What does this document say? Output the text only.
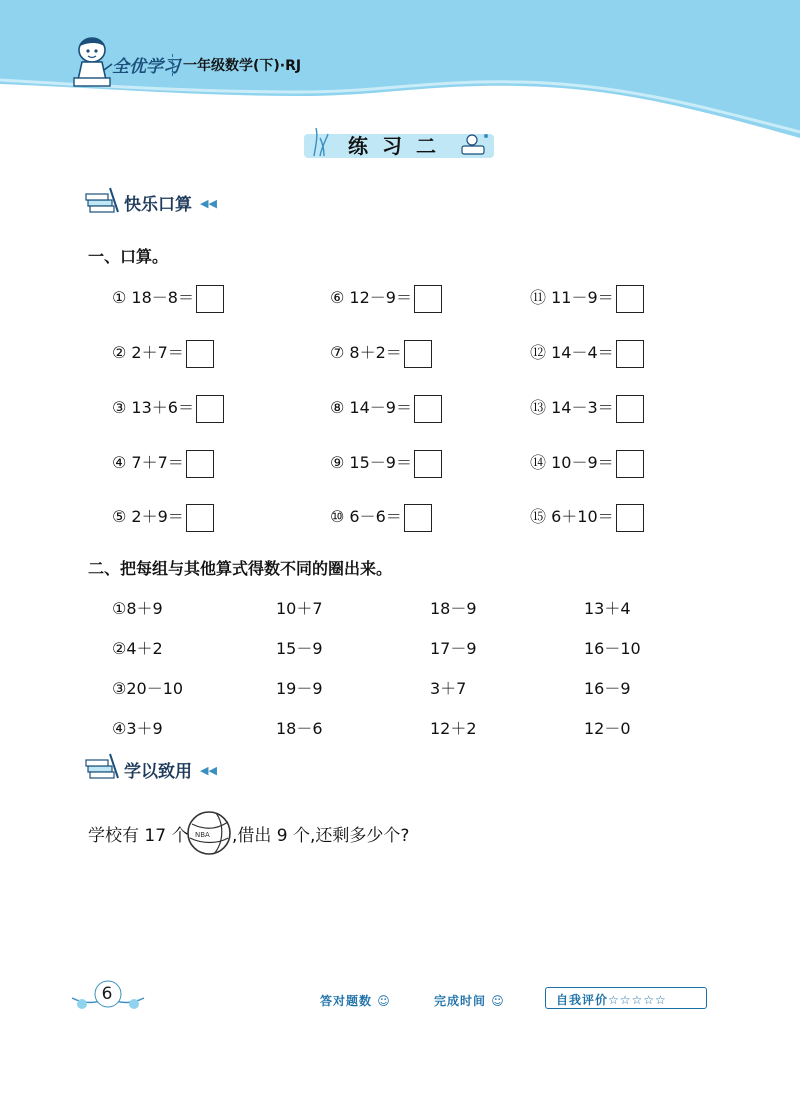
全优学习 一年级数学(下)·RJ
练习二
快乐口算 ◀◀
一、口算。
① 18－8＝	⑥ 12－9＝	⑪ 11－9＝
② 2＋7＝	⑦ 8＋2＝	⑫ 14－4＝
③ 13＋6＝	⑧ 14－9＝	⑬ 14－3＝
④ 7＋7＝	⑨ 15－9＝	⑭ 10－9＝
⑤ 2＋9＝	⑩ 6－6＝	⑮ 6＋10＝
二、把每组与其他算式得数不同的圈出来。
①8＋9	10＋7	18－9	13＋4
②4＋2	15－9	17－9	16－10
③20－10	19－9	3＋7	16－9
④3＋9	18－6	12＋2	12－0
学以致用 ◀◀
学校有 17 个 NBA ,借出 9 个,还剩多少个?
6	答对题数 ☺	完成时间 ☺	自我评价☆☆☆☆☆
